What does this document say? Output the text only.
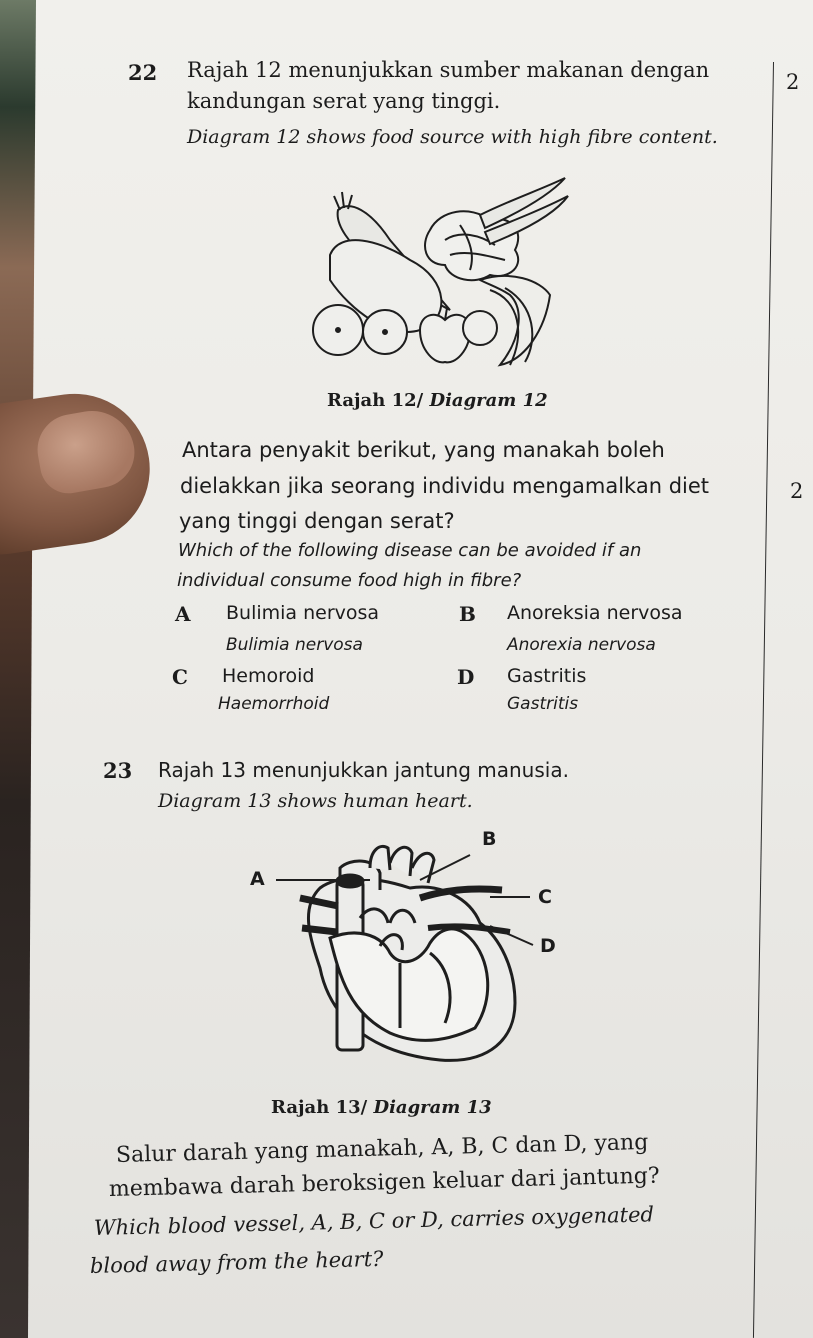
22 Rajah 12 menunjukkan sumber makanan dengan
kandungan serat yang tinggi.
Diagram 12 shows food source with high fibre content.
2
Rajah 12/ Diagram 12
Antara penyakit berikut, yang manakah boleh
dielakkan jika seorang individu mengamalkan diet
yang tinggi dengan serat?
2
Which of the following disease can be avoided if an
individual consume food high in fibre?
A Bulimia nervosa
Bulimia nervosa
B Anoreksia nervosa
Anorexia nervosa
C Hemoroid
Haemorrhoid
D Gastritis
Gastritis
23 Rajah 13 menunjukkan jantung manusia.
Diagram 13 shows human heart.
A
B
C
D
Rajah 13/ Diagram 13
Salur darah yang manakah, A, B, C dan D, yang
membawa darah beroksigen keluar dari jantung?
Which blood vessel, A, B, C or D, carries oxygenated
blood away from the heart?
